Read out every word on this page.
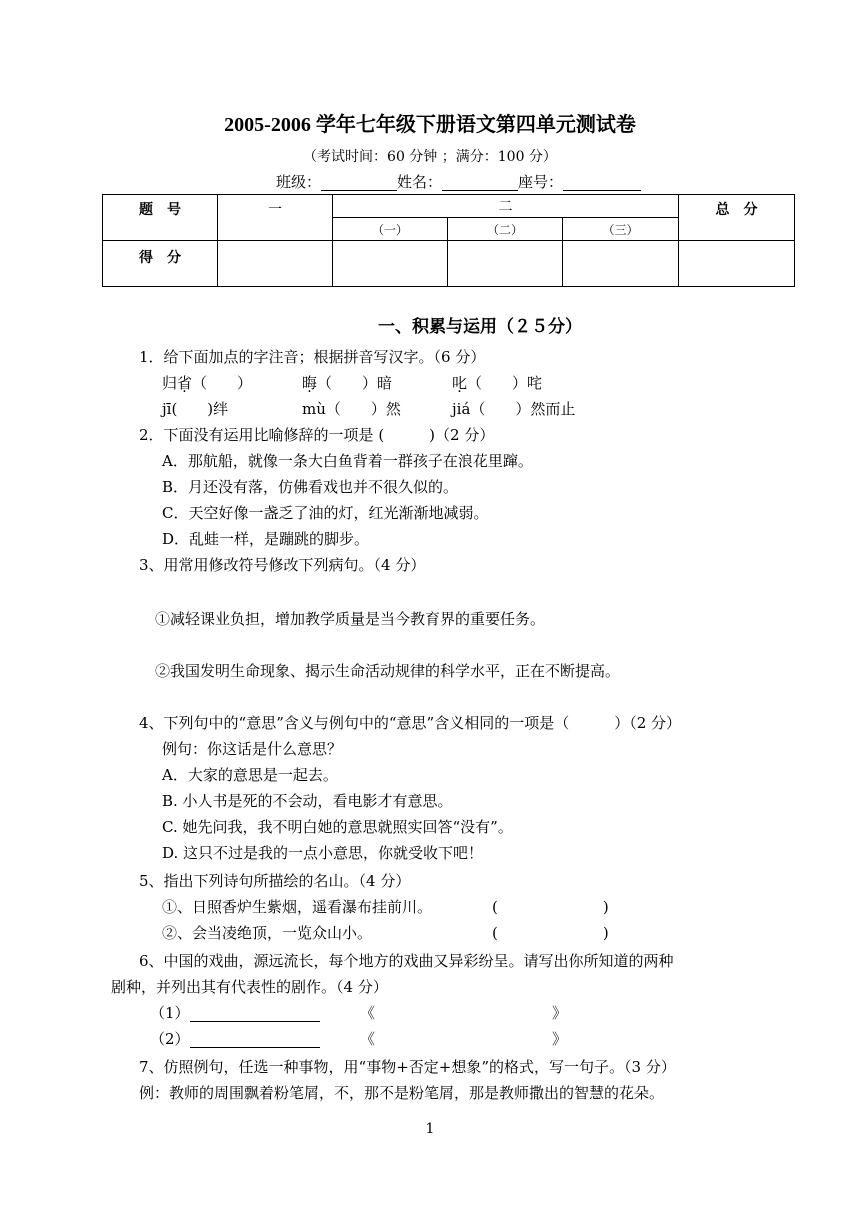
2005-2006 学年七年级下册语文第四单元测试卷
（考试时间：60 分钟 ；满分：100 分）
班级：	姓名：	座号：
题　号	一	二			总　分
		（一）	（二）	（三）	
得　分					
一、积累与运用（２５分）
1．给下面加点的字注音；根据拼音写汉字。（6 分）
归省（　　）	晦（　　）暗	叱（　　）咤
jī(　　)绊	mù（　　）然	jiá（　　）然而止
2．下面没有运用比喻修辞的一项是 (　　　)（2 分）
A．那航船，就像一条大白鱼背着一群孩子在浪花里蹿。
B．月还没有落，仿佛看戏也并不很久似的。
C．天空好像一盏乏了油的灯，红光渐渐地减弱。
D．乱蛙一样，是蹦跳的脚步。
3、用常用修改符号修改下列病句。（4 分）
①减轻课业负担，增加教学质量是当今教育界的重要任务。
②我国发明生命现象、揭示生命活动规律的科学水平，正在不断提高。
4、下列句中的“意思”含义与例句中的“意思”含义相同的一项是（　　　）（2 分）
例句：你这话是什么意思？
A．大家的意思是一起去。
B. 小人书是死的不会动，看电影才有意思。
C. 她先问我，我不明白她的意思就照实回答“没有”。
D. 这只不过是我的一点小意思，你就受收下吧！
5、指出下列诗句所描绘的名山。（4 分）
①、日照香炉生紫烟，遥看瀑布挂前川。	(　　　　　　　)
②、会当凌绝顶，一览众山小。	(　　　　　　　)
6、中国的戏曲，源远流长，每个地方的戏曲又异彩纷呈。请写出你所知道的两种
剧种，并列出其有代表性的剧作。（4 分）
（1）	《	》
（2）	《	》
7、仿照例句，任选一种事物，用“事物+否定+想象”的格式，写一句子。（3 分）
例：教师的周围飘着粉笔屑，不，那不是粉笔屑，那是教师撒出的智慧的花朵。
1
